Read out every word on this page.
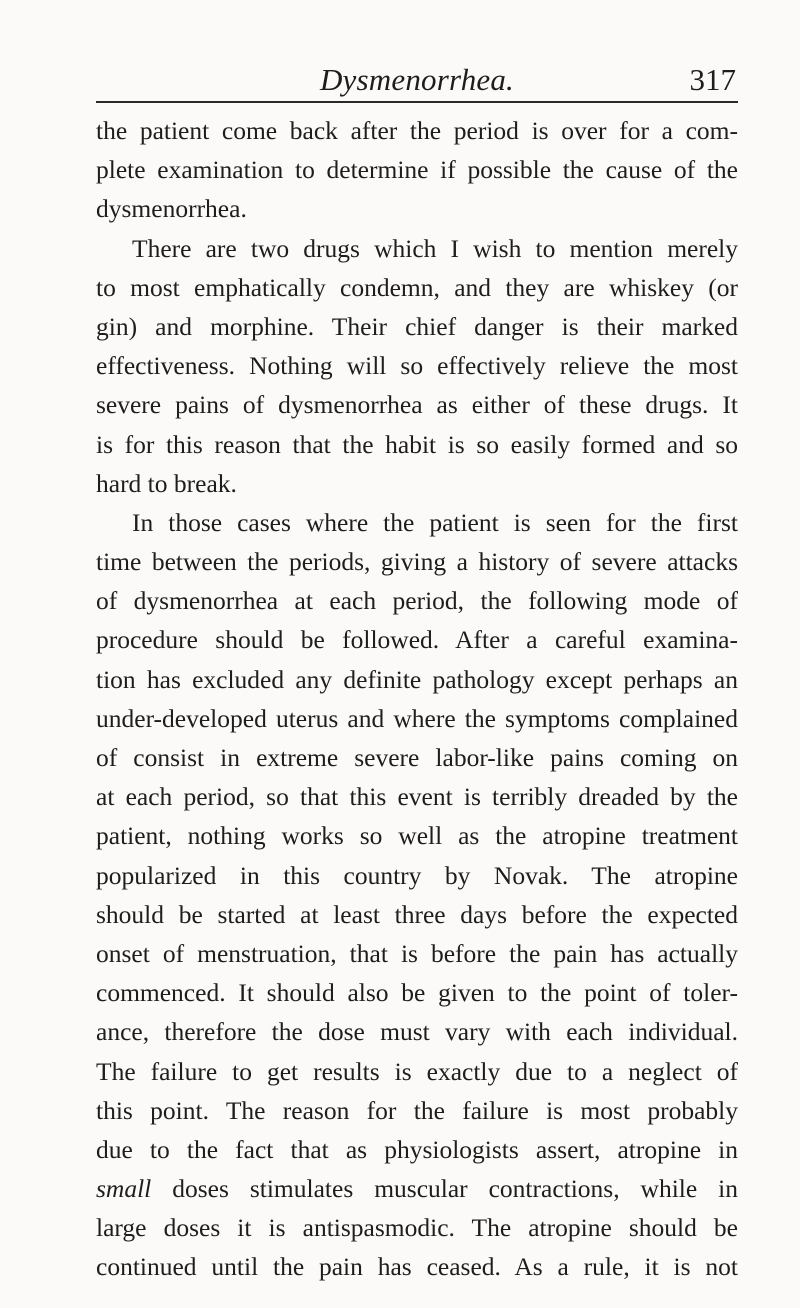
Dysmenorrhea.	317
the patient come back after the period is over for a com-
plete examination to determine if possible the cause of the
dysmenorrhea.
There are two drugs which I wish to mention merely
to most emphatically condemn, and they are whiskey (or
gin) and morphine. Their chief danger is their marked
effectiveness. Nothing will so effectively relieve the most
severe pains of dysmenorrhea as either of these drugs. It
is for this reason that the habit is so easily formed and so
hard to break.
In those cases where the patient is seen for the first
time between the periods, giving a history of severe attacks
of dysmenorrhea at each period, the following mode of
procedure should be followed. After a careful examina-
tion has excluded any definite pathology except perhaps an
under-developed uterus and where the symptoms complained
of consist in extreme severe labor-like pains coming on
at each period, so that this event is terribly dreaded by the
patient, nothing works so well as the atropine treatment
popularized in this country by Novak. The atropine
should be started at least three days before the expected
onset of menstruation, that is before the pain has actually
commenced. It should also be given to the point of toler-
ance, therefore the dose must vary with each individual.
The failure to get results is exactly due to a neglect of
this point. The reason for the failure is most probably
due to the fact that as physiologists assert, atropine in
small doses stimulates muscular contractions, while in
large doses it is antispasmodic. The atropine should be
continued until the pain has ceased. As a rule, it is not
